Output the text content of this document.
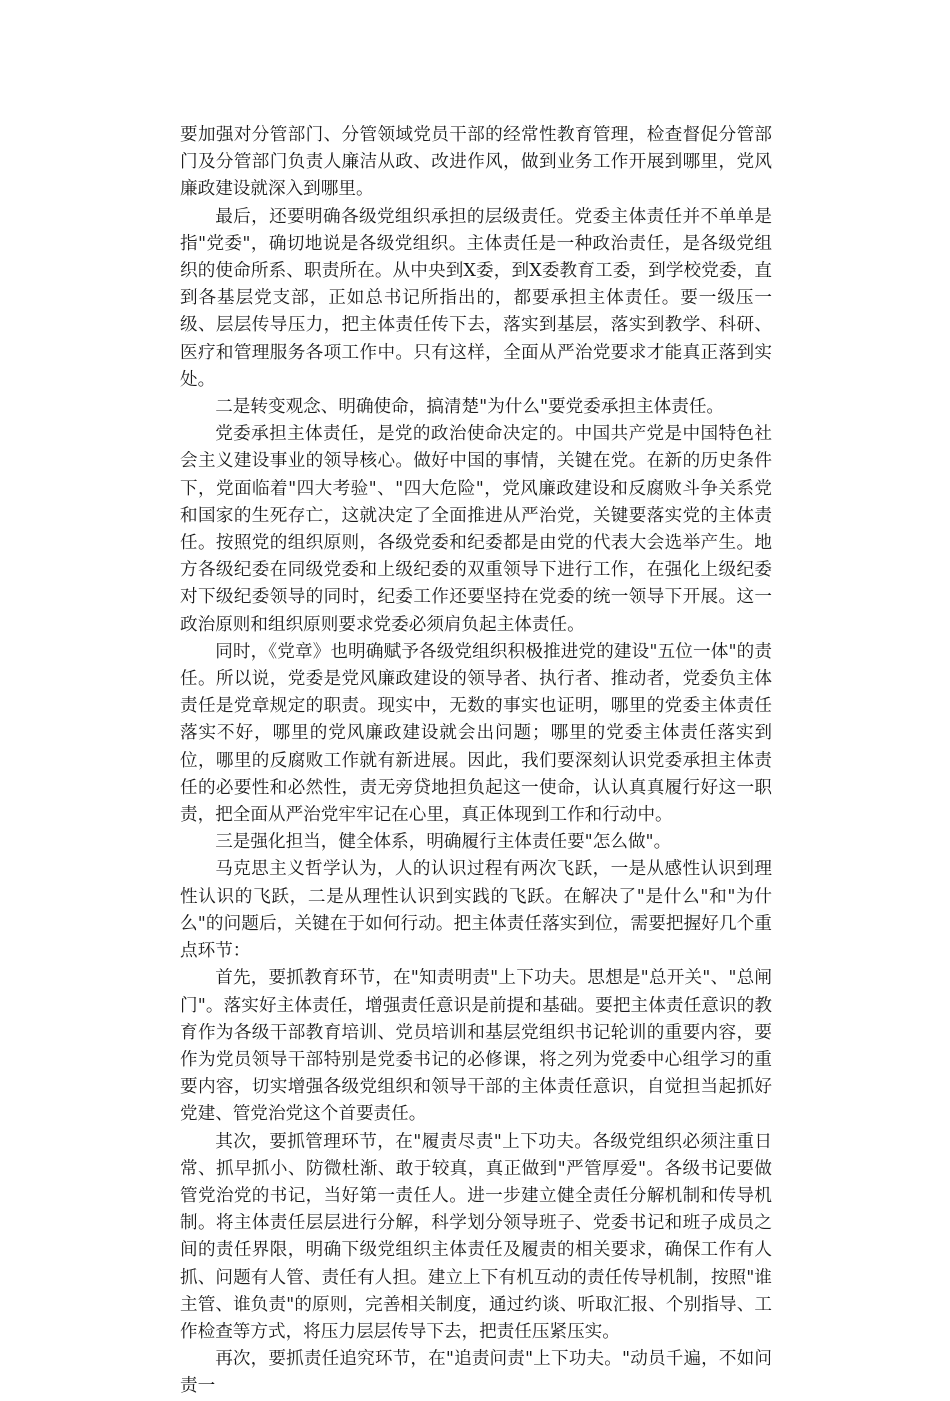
要加强对分管部门、分管领域党员干部的经常性教育管理，检查督促分管部门及分管部门负责人廉洁从政、改进作风，做到业务工作开展到哪里，党风廉政建设就深入到哪里。

最后，还要明确各级党组织承担的层级责任。党委主体责任并不单单是指"党委"，确切地说是各级党组织。主体责任是一种政治责任，是各级党组织的使命所系、职责所在。从中央到X委，到X委教育工委，到学校党委，直到各基层党支部，正如总书记所指出的，都要承担主体责任。要一级压一级、层层传导压力，把主体责任传下去，落实到基层，落实到教学、科研、医疗和管理服务各项工作中。只有这样，全面从严治党要求才能真正落到实处。

二是转变观念、明确使命，搞清楚"为什么"要党委承担主体责任。

党委承担主体责任，是党的政治使命决定的。中国共产党是中国特色社会主义建设事业的领导核心。做好中国的事情，关键在党。在新的历史条件下，党面临着"四大考验"、"四大危险"，党风廉政建设和反腐败斗争关系党和国家的生死存亡，这就决定了全面推进从严治党，关键要落实党的主体责任。按照党的组织原则，各级党委和纪委都是由党的代表大会选举产生。地方各级纪委在同级党委和上级纪委的双重领导下进行工作，在强化上级纪委对下级纪委领导的同时，纪委工作还要坚持在党委的统一领导下开展。这一政治原则和组织原则要求党委必须肩负起主体责任。

同时，《党章》也明确赋予各级党组织积极推进党的建设"五位一体"的责任。所以说，党委是党风廉政建设的领导者、执行者、推动者，党委负主体责任是党章规定的职责。现实中，无数的事实也证明，哪里的党委主体责任落实不好，哪里的党风廉政建设就会出问题；哪里的党委主体责任落实到位，哪里的反腐败工作就有新进展。因此，我们要深刻认识党委承担主体责任的必要性和必然性，责无旁贷地担负起这一使命，认认真真履行好这一职责，把全面从严治党牢牢记在心里，真正体现到工作和行动中。

三是强化担当，健全体系，明确履行主体责任要"怎么做"。

马克思主义哲学认为，人的认识过程有两次飞跃，一是从感性认识到理性认识的飞跃，二是从理性认识到实践的飞跃。在解决了"是什么"和"为什么"的问题后，关键在于如何行动。把主体责任落实到位，需要把握好几个重点环节：

首先，要抓教育环节，在"知责明责"上下功夫。思想是"总开关"、"总闸门"。落实好主体责任，增强责任意识是前提和基础。要把主体责任意识的教育作为各级干部教育培训、党员培训和基层党组织书记轮训的重要内容，要作为党员领导干部特别是党委书记的必修课，将之列为党委中心组学习的重要内容，切实增强各级党组织和领导干部的主体责任意识，自觉担当起抓好党建、管党治党这个首要责任。

其次，要抓管理环节，在"履责尽责"上下功夫。各级党组织必须注重日常、抓早抓小、防微杜渐、敢于较真，真正做到"严管厚爱"。各级书记要做管党治党的书记，当好第一责任人。进一步建立健全责任分解机制和传导机制。将主体责任层层进行分解，科学划分领导班子、党委书记和班子成员之间的责任界限，明确下级党组织主体责任及履责的相关要求，确保工作有人抓、问题有人管、责任有人担。建立上下有机互动的责任传导机制，按照"谁主管、谁负责"的原则，完善相关制度，通过约谈、听取汇报、个别指导、工作检查等方式，将压力层层传导下去，把责任压紧压实。

再次，要抓责任追究环节，在"追责问责"上下功夫。"动员千遍，不如问责一
